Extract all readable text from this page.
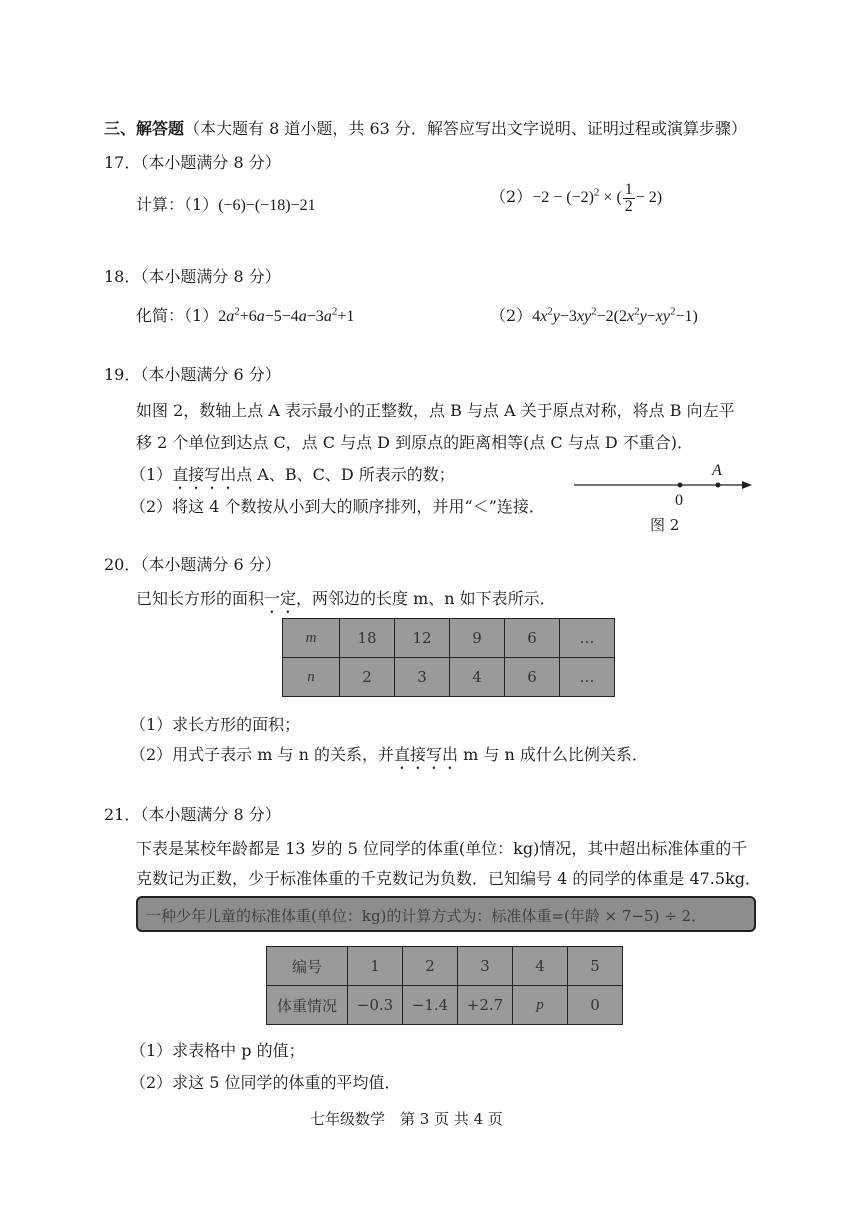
三、解答题（本大题有 8 道小题，共 63 分．解答应写出文字说明、证明过程或演算步骤）
17．（本小题满分 8 分）
计算：（1）(−6)−(−18)−21	$(2)-2 - (-2)^2$ × ( $\frac{1}{2} - 2$)
18．（本小题满分 8 分）
化简：$(1)2a^2+6a-5-4a-3a^2+1$	$(2)4x^2y-3xy^2-2(2x^2y-xy^2-1)$
19．（本小题满分 6 分）
如图 2，数轴上点 A 表示最小的正整数，点 B 与点 A 关于原点对称，将点 B 向左平
移 2 个单位到达点 C，点 C 与点 D 到原点的距离相等(点 C 与点 D 不重合)．
（1）直接写出点 A、B、C、D 所表示的数；
（2）将这 4 个数按从小到大的顺序排列，并用“＜”连接．
A
0
图 2
20．（本小题满分 6 分）
已知长方形的面积一定，两邻边的长度 m、n 如下表所示．
m	18	12	9	6	…
n	2	3	4	6	…
（1）求长方形的面积；
（2）用式子表示 m 与 n 的关系，并直接写出 m 与 n 成什么比例关系．
21．（本小题满分 8 分）
下表是某校年龄都是 13 岁的 5 位同学的体重(单位：kg)情况，其中超出标准体重的千
克数记为正数，少于标准体重的千克数记为负数．已知编号 4 的同学的体重是 47.5kg．
一种少年儿童的标准体重(单位：kg)的计算方式为：标准体重=(年龄 × 7−5) ÷ 2．
编号	1	2	3	4	5
体重情况	−0.3	−1.4	+2.7	p	0
（1）求表格中 p 的值；
（2）求这 5 位同学的体重的平均值．
七年级数学　第 3 页 共 4 页
